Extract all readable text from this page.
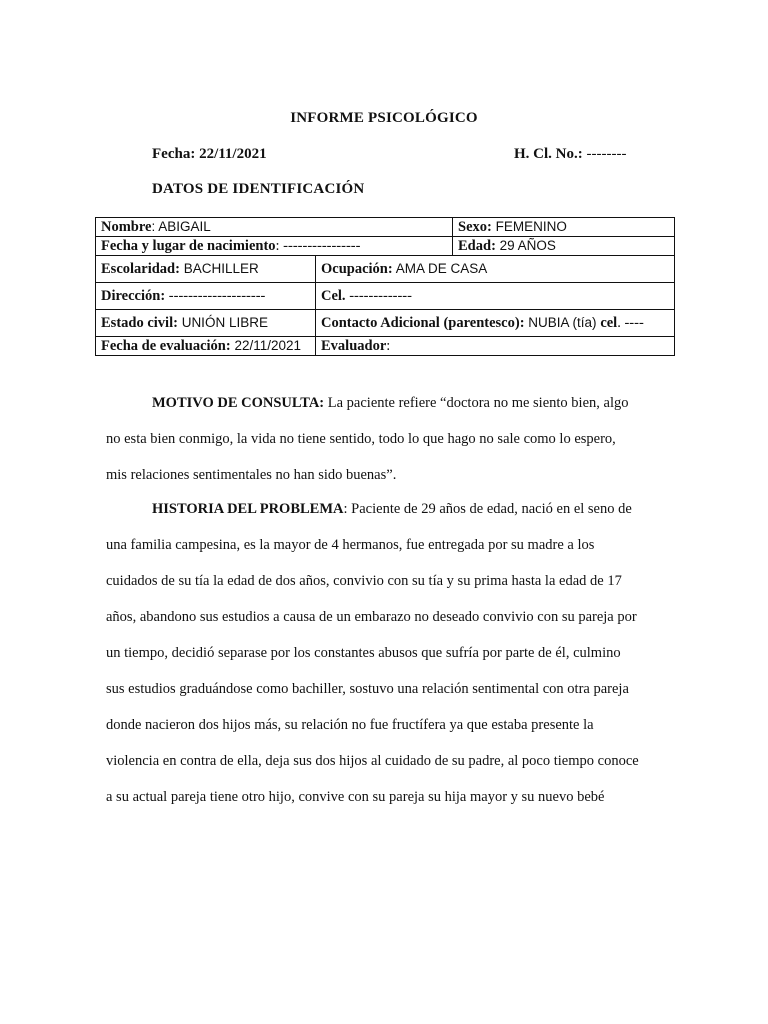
INFORME PSICOLÓGICO
Fecha: 22/11/2021	H. Cl. No.: --------
DATOS DE IDENTIFICACIÓN
Nombre: ABIGAIL		Sexo: FEMENINO
Fecha y lugar de nacimiento: ----------------		Edad: 29 AÑOS
Escolaridad: BACHILLER	Ocupación: AMA DE CASA	
Dirección: --------------------	Cel. -------------	
Estado civil: UNIÓN LIBRE	Contacto Adicional (parentesco): NUBIA (tía) cel. ----	
Fecha de evaluación: 22/11/2021	Evaluador:	
MOTIVO DE CONSULTA: La paciente refiere “doctora no me siento bien, algo
no esta bien conmigo, la vida no tiene sentido, todo lo que hago no sale como lo espero,
mis relaciones sentimentales no han sido buenas”.
HISTORIA DEL PROBLEMA: Paciente de 29 años de edad, nació en el seno de
una familia campesina, es la mayor de 4 hermanos, fue entregada por su madre a los
cuidados de su tía la edad de dos años, convivio con su tía y su prima hasta la edad de 17
años, abandono sus estudios a causa de un embarazo no deseado convivio con su pareja por
un tiempo, decidió separase por los constantes abusos que sufría por parte de él, culmino
sus estudios graduándose como bachiller, sostuvo una relación sentimental con otra pareja
donde nacieron dos hijos más, su relación no fue fructífera ya que estaba presente la
violencia en contra de ella, deja sus dos hijos al cuidado de su padre, al poco tiempo conoce
a su actual pareja tiene otro hijo, convive con su pareja su hija mayor y su nuevo bebé
